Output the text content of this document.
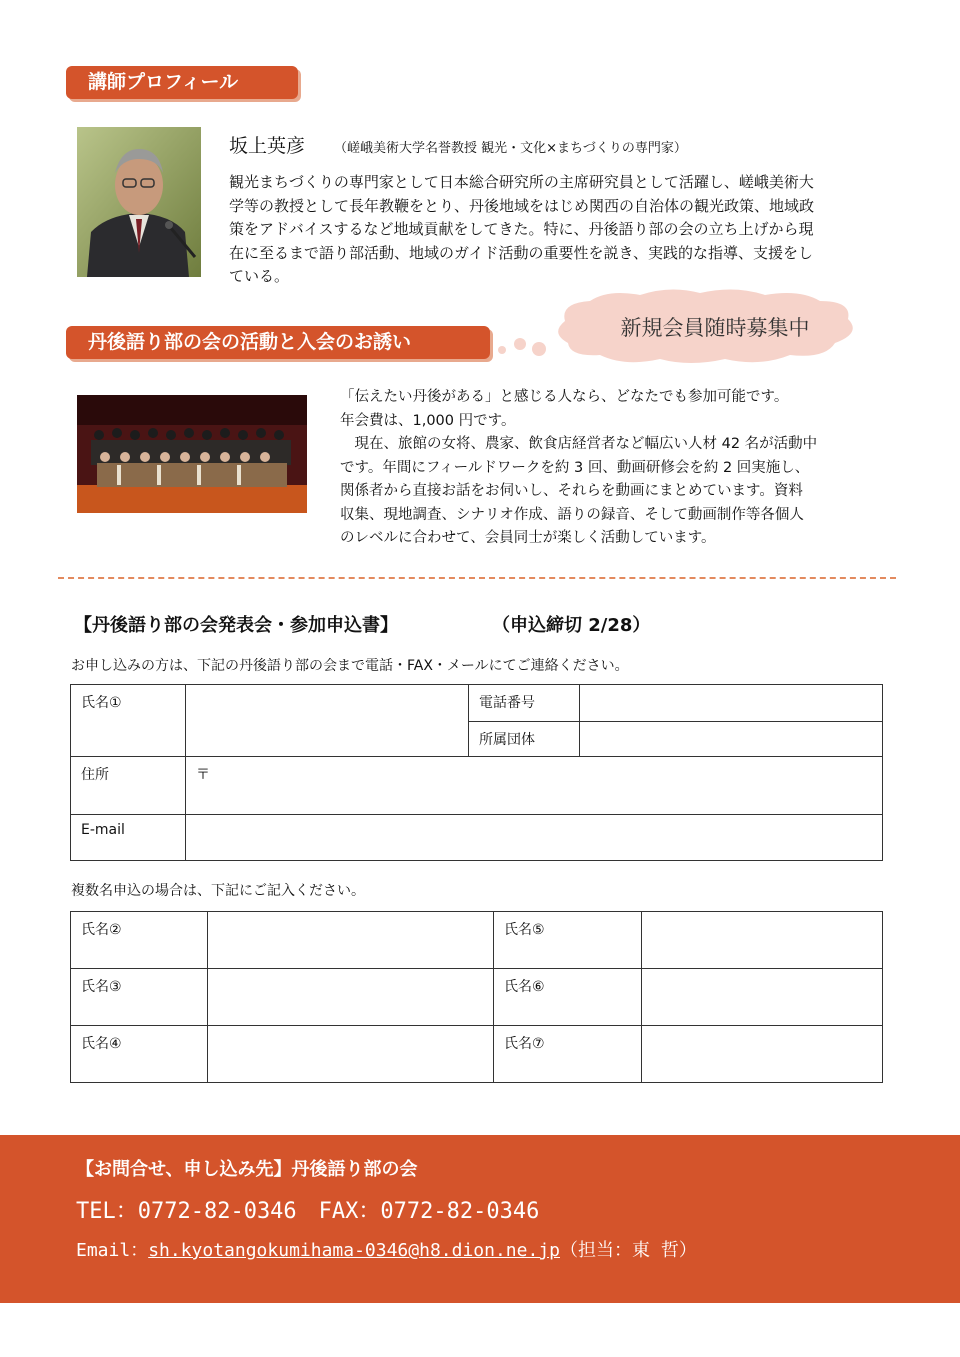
講師プロフィール
坂上英彦 （嵯峨美術大学名誉教授 観光・文化×まちづくりの専門家）
観光まちづくりの専門家として日本総合研究所の主席研究員として活躍し、嵯峨美術大
学等の教授として長年教鞭をとり、丹後地域をはじめ関西の自治体の観光政策、地域政
策をアドバイスするなど地域貢献をしてきた。特に、丹後語り部の会の立ち上げから現
在に至るまで語り部活動、地域のガイド活動の重要性を説き、実践的な指導、支援をし
ている。
丹後語り部の会の活動と入会のお誘い
新規会員随時募集中
「伝えたい丹後がある」と感じる人なら、どなたでも参加可能です。
年会費は、1,000 円です。
　現在、旅館の女将、農家、飲食店経営者など幅広い人材 42 名が活動中
です。年間にフィールドワークを約 3 回、動画研修会を約 2 回実施し、
関係者から直接お話をお伺いし、それらを動画にまとめています。資料
収集、現地調査、シナリオ作成、語りの録音、そして動画制作等各個人
のレベルに合わせて、会員同士が楽しく活動しています。
【丹後語り部の会発表会・参加申込書】	（申込締切 2/28）
お申し込みの方は、下記の丹後語り部の会まで電話・FAX・メールにてご連絡ください。
氏名①		電話番号	
		所属団体	
住所	〒		
E-mail			
複数名申込の場合は、下記にご記入ください。
氏名②		氏名⑤	
氏名③		氏名⑥	
氏名④		氏名⑦	
【お問合せ、申し込み先】丹後語り部の会
TEL：0772-82-0346　FAX：0772-82-0346
Email：sh.kyotangokumihama-0346@h8.dion.ne.jp（担当：東 哲）
